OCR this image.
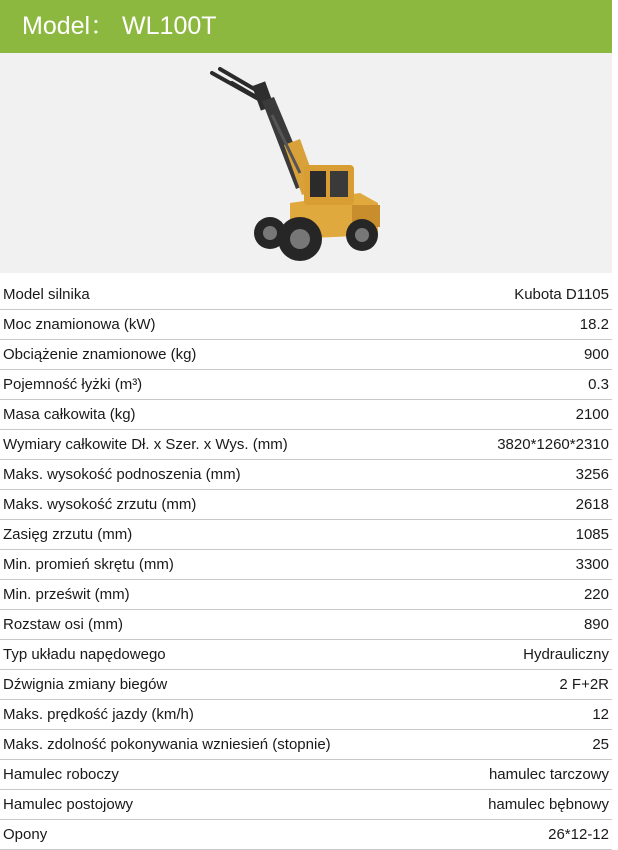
Model： WL100T
Model silnika	Kubota D1105
Moc znamionowa (kW)	18.2
Obciążenie znamionowe (kg)	900
Pojemność łyżki (m³)	0.3
Masa całkowita (kg)	2100
Wymiary całkowite Dł. x Szer. x Wys. (mm)	3820*1260*2310
Maks. wysokość podnoszenia (mm)	3256
Maks. wysokość zrzutu (mm)	2618
Zasięg zrzutu (mm)	1085
Min. promień skrętu (mm)	3300
Min. prześwit (mm)	220
Rozstaw osi (mm)	890
Typ układu napędowego	Hydrauliczny
Dźwignia zmiany biegów	2 F+2R
Maks. prędkość jazdy (km/h)	12
Maks. zdolność pokonywania wzniesień (stopnie)	25
Hamulec roboczy	hamulec tarczowy
Hamulec postojowy	hamulec bębnowy
Opony	26*12-12
